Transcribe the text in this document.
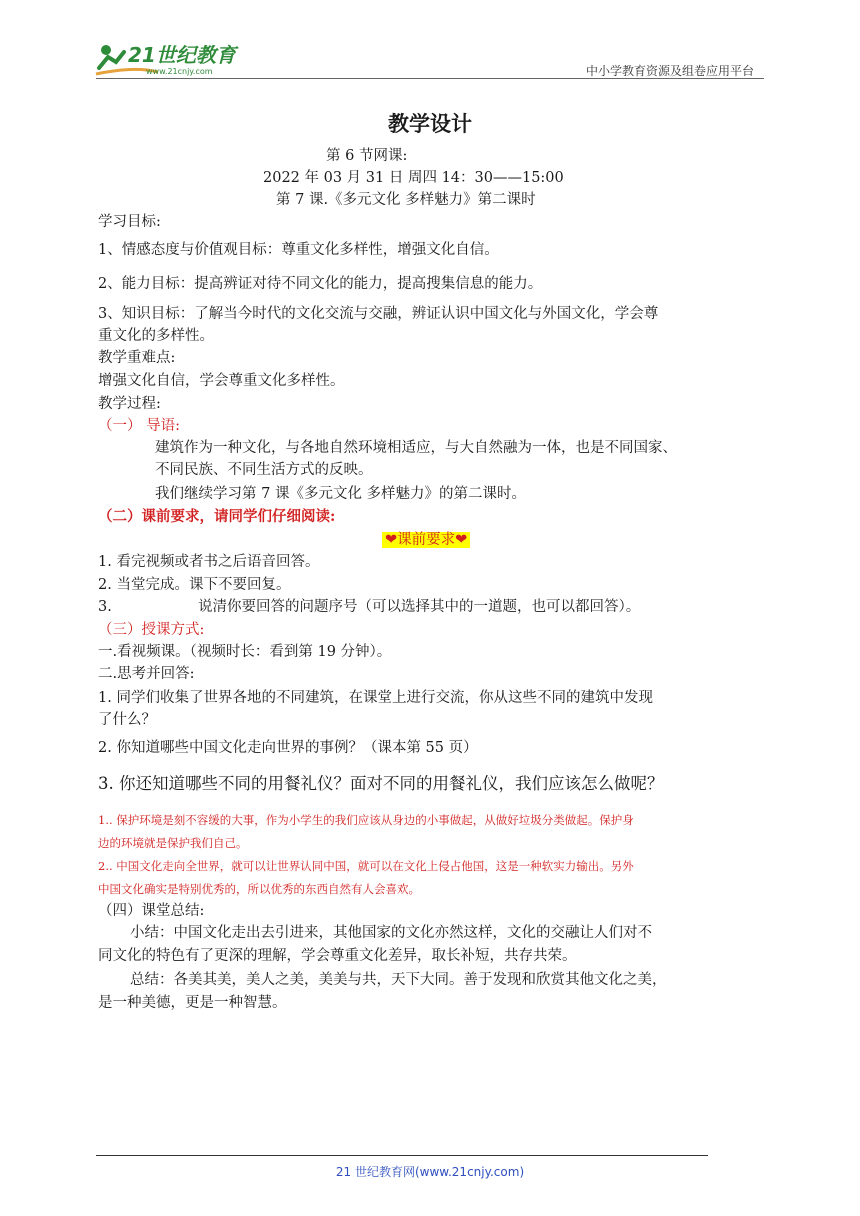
21世纪教育
www.21cnjy.com	中小学教育资源及组卷应用平台
教学设计
第 6 节网课:
2022 年 03 月 31 日 周四 14：30——15:00
第 7 课.《多元文化 多样魅力》第二课时
学习目标:
1、情感态度与价值观目标：尊重文化多样性，增强文化自信。
2、能力目标：提高辨证对待不同文化的能力，提高搜集信息的能力。
3、知识目标：了解当今时代的文化交流与交融，辨证认识中国文化与外国文化，学会尊
重文化的多样性。
教学重难点:
增强文化自信，学会尊重文化多样性。
教学过程:
（一） 导语:
建筑作为一种文化，与各地自然环境相适应，与大自然融为一体，也是不同国家、
不同民族、不同生活方式的反映。
我们继续学习第 7 课《多元文化 多样魅力》的第二课时。
（二）课前要求，请同学们仔细阅读:
❤课前要求❤
1. 看完视频或者书之后语音回答。
2. 当堂完成。课下不要回复。
3.	说清你要回答的问题序号（可以选择其中的一道题，也可以都回答）。
（三）授课方式:
一.看视频课。（视频时长：看到第 19 分钟）。
二.思考并回答:
1. 同学们收集了世界各地的不同建筑，在课堂上进行交流，你从这些不同的建筑中发现
了什么？
2. 你知道哪些中国文化走向世界的事例？（课本第 55 页）
3. 你还知道哪些不同的用餐礼仪？面对不同的用餐礼仪，我们应该怎么做呢？
1.. 保护环境是刻不容缓的大事，作为小学生的我们应该从身边的小事做起，从做好垃圾分类做起。保护身
边的环境就是保护我们自己。
2.. 中国文化走向全世界，就可以让世界认同中国，就可以在文化上侵占他国，这是一种软实力输出。另外
中国文化确实是特别优秀的，所以优秀的东西自然有人会喜欢。
（四）课堂总结:
小结：中国文化走出去引进来，其他国家的文化亦然这样，文化的交融让人们对不
同文化的特色有了更深的理解，学会尊重文化差异，取长补短，共存共荣。
总结：各美其美，美人之美，美美与共，天下大同。善于发现和欣赏其他文化之美，
是一种美德，更是一种智慧。
21 世纪教育网(www.21cnjy.com)
